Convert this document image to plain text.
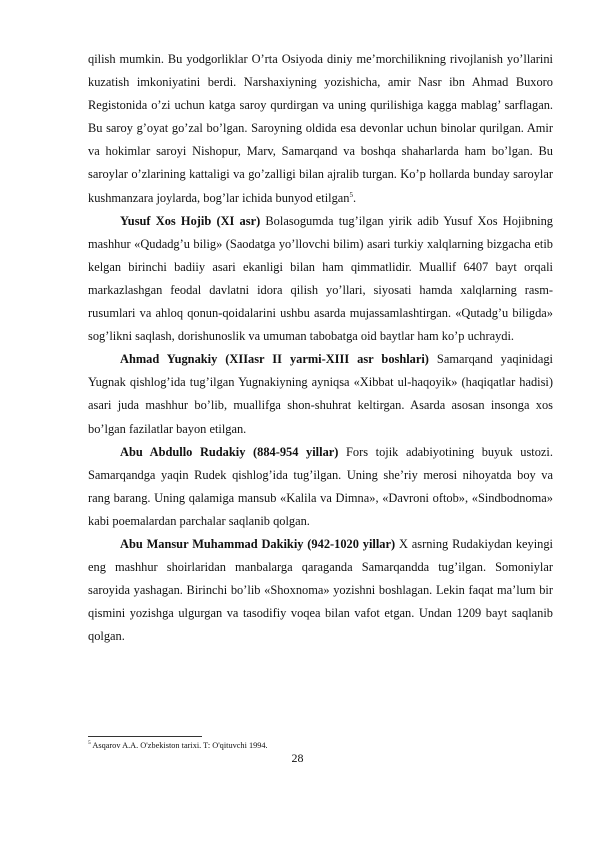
qilish mumkin. Bu yodgorliklar O’rta Osiyoda diniy me’morchilikning rivojlanish yo’llarini kuzatish imkoniyatini berdi. Narshaxiyning yozishicha, amir Nasr ibn Ahmad Buxoro Registonida o’zi uchun katga saroy qurdirgan va uning qurilishiga kagga mablag’ sarflagan. Bu saroy g’oyat go’zal bo’lgan. Saroyning oldida esa devonlar uchun binolar qurilgan. Amir va hokimlar saroyi Nishopur, Marv, Samarqand va boshqa shaharlarda ham bo’lgan. Bu saroylar o’zlarining kattaligi va go’zalligi bilan ajralib turgan. Ko’p hollarda bunday saroylar kushmanzara joylarda, bog’lar ichida bunyod etilgan$^5$.

Yusuf Xos Hojib (XI asr) Bolasogumda tug’ilgan yirik adib Yusuf Xos Hojibning mashhur «Qudadg’u bilig» (Saodatga yo’llovchi bilim) asari turkiy xalqlarning bizgacha etib kelgan birinchi badiiy asari ekanligi bilan ham qimmatlidir. Muallif 6407 bayt orqali markazlashgan feodal davlatni idora qilish yo’llari, siyosati hamda xalqlarning rasm-rusumlari va ahloq qonun-qoidalarini ushbu asarda mujassamlashtirgan. «Qutadg’u biligda» sog’likni saqlash, dorishunoslik va umuman tabobatga oid baytlar ham ko’p uchraydi.

Ahmad Yugnakiy (XIIasr II yarmi-XIII asr boshlari) Samarqand yaqinidagi Yugnak qishlog’ida tug’ilgan Yugnakiyning ayniqsa «Xibbat ul-haqoyik» (haqiqatlar hadisi) asari juda mashhur bo’lib, muallifga shon-shuhrat keltirgan. Asarda asosan insonga xos bo’lgan fazilatlar bayon etilgan.

Abu Abdullo Rudakiy (884-954 yillar) Fors tojik adabiyotining buyuk ustozi. Samarqandga yaqin Rudek qishlog’ida tug’ilgan. Uning she’riy merosi nihoyatda boy va rang barang. Uning qalamiga mansub «Kalila va Dimna», «Davroni oftob», «Sindbodnoma» kabi poemalardan parchalar saqlanib qolgan.

Abu Mansur Muhammad Dakikiy (942-1020 yillar) X asrning Rudakiydan keyingi eng mashhur shoirlaridan manbalarga qaraganda Samarqandda tug’ilgan. Somoniylar saroyida yashagan. Birinchi bo’lib «Shoxnoma» yozishni boshlagan. Lekin faqat ma’lum bir qismini yozishga ulgurgan va tasodifiy voqea bilan vafot etgan. Undan 1209 bayt saqlanib qolgan.

$^5$ Asqarov A.A. O'zbekiston tarixi. T: O'qituvchi 1994.
28
